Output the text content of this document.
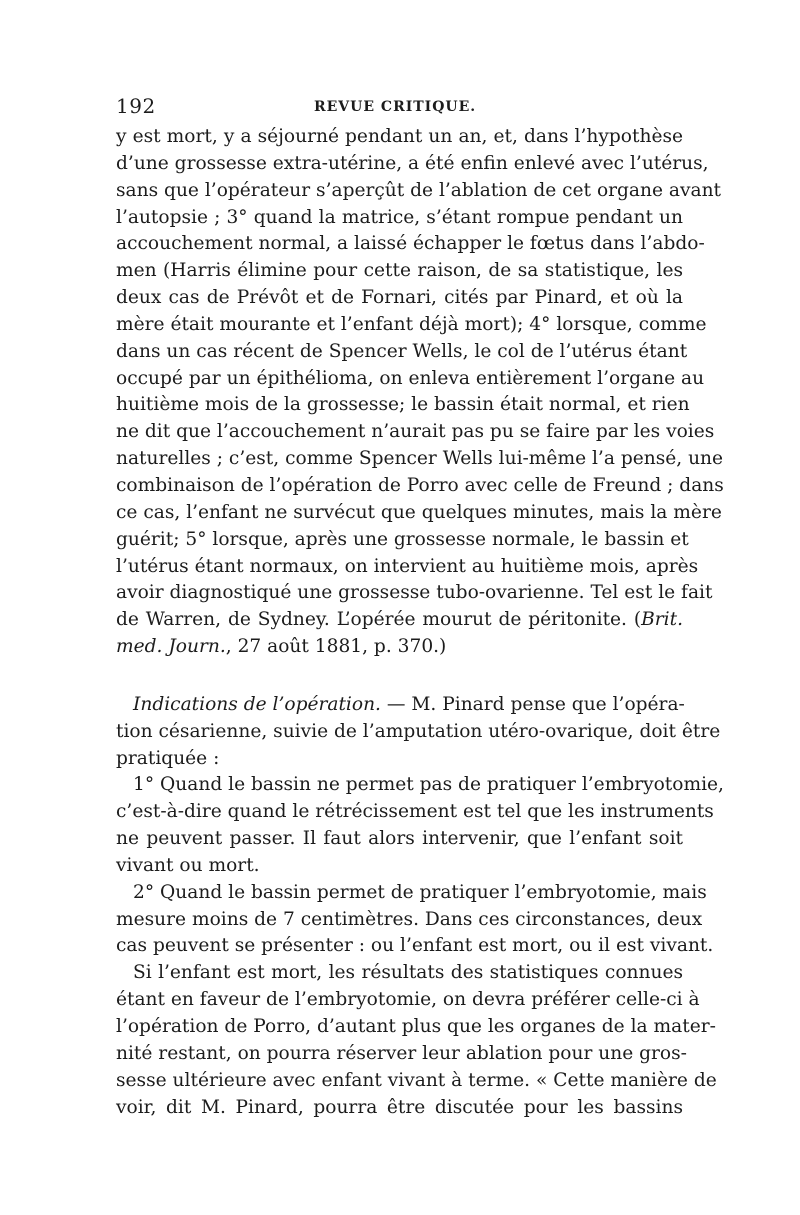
192	REVUE CRITIQUE.
y est mort, y a séjourné pendant un an, et, dans l’hypothèse
d’une grossesse extra-utérine, a été enfin enlevé avec l’utérus,
sans que l’opérateur s’aperçût de l’ablation de cet organe avant
l’autopsie ; 3° quand la matrice, s’étant rompue pendant un
accouchement normal, a laissé échapper le fœtus dans l’abdo-
men (Harris élimine pour cette raison, de sa statistique, les
deux cas de Prévôt et de Fornari, cités par Pinard, et où la
mère était mourante et l’enfant déjà mort); 4° lorsque, comme
dans un cas récent de Spencer Wells, le col de l’utérus étant
occupé par un épithélioma, on enleva entièrement l’organe au
huitième mois de la grossesse; le bassin était normal, et rien
ne dit que l’accouchement n’aurait pas pu se faire par les voies
naturelles ; c’est, comme Spencer Wells lui-même l’a pensé, une
combinaison de l’opération de Porro avec celle de Freund ; dans
ce cas, l’enfant ne survécut que quelques minutes, mais la mère
guérit; 5° lorsque, après une grossesse normale, le bassin et
l’utérus étant normaux, on intervient au huitième mois, après
avoir diagnostiqué une grossesse tubo-ovarienne. Tel est le fait
de Warren, de Sydney. L’opérée mourut de péritonite. (Brit.
med. Journ., 27 août 1881, p. 370.)
Indications de l’opération. — M. Pinard pense que l’opéra-
tion césarienne, suivie de l’amputation utéro-ovarique, doit être
pratiquée :
1° Quand le bassin ne permet pas de pratiquer l’embryotomie,
c’est-à-dire quand le rétrécissement est tel que les instruments
ne peuvent passer. Il faut alors intervenir, que l’enfant soit
vivant ou mort.
2° Quand le bassin permet de pratiquer l’embryotomie, mais
mesure moins de 7 centimètres. Dans ces circonstances, deux
cas peuvent se présenter : ou l’enfant est mort, ou il est vivant.
Si l’enfant est mort, les résultats des statistiques connues
étant en faveur de l’embryotomie, on devra préférer celle-ci à
l’opération de Porro, d’autant plus que les organes de la mater-
nité restant, on pourra réserver leur ablation pour une gros-
sesse ultérieure avec enfant vivant à terme. « Cette manière de
voir, dit M. Pinard, pourra être discutée pour les bassins
